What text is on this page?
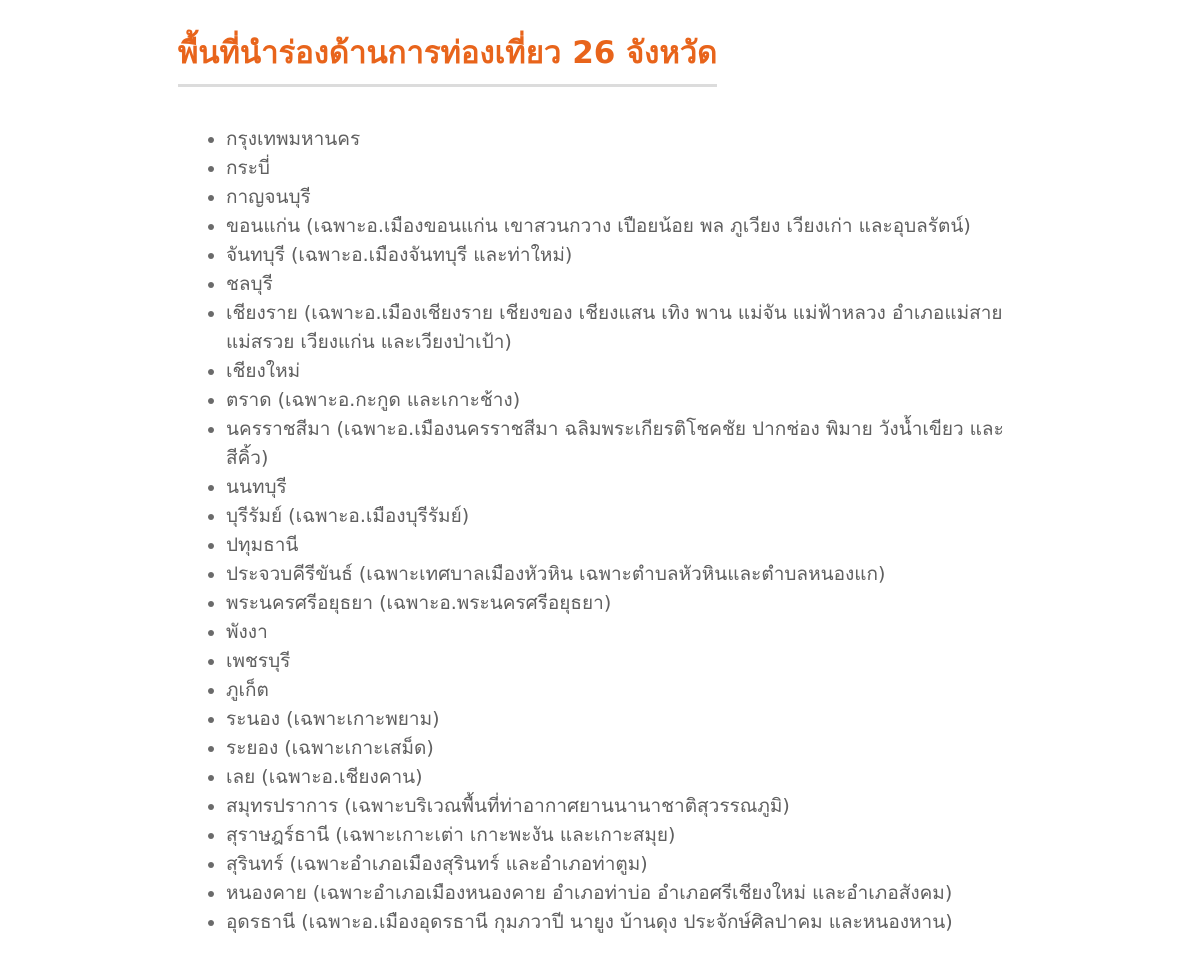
พื้นที่นำร่องด้านการท่องเที่ยว 26 จังหวัด
กรุงเทพมหานคร
กระบี่
กาญจนบุรี
ขอนแก่น (เฉพาะอ.เมืองขอนแก่น เขาสวนกวาง เปือยน้อย พล ภูเวียง เวียงเก่า และอุบลรัตน์)
จันทบุรี (เฉพาะอ.เมืองจันทบุรี และท่าใหม่)
ชลบุรี
เชียงราย (เฉพาะอ.เมืองเชียงราย เชียงของ เชียงแสน เทิง พาน แม่จัน แม่ฟ้าหลวง อำเภอแม่สาย แม่สรวย เวียงแก่น และเวียงป่าเป้า)
เชียงใหม่
ตราด (เฉพาะอ.กะกูด และเกาะช้าง)
นครราชสีมา (เฉพาะอ.เมืองนครราชสีมา ฉลิมพระเกียรติโชคชัย ปากช่อง พิมาย วังน้ำเขียว และสีคิ้ว)
นนทบุรี
บุรีรัมย์ (เฉพาะอ.เมืองบุรีรัมย์)
ปทุมธานี
ประจวบคีรีขันธ์ (เฉพาะเทศบาลเมืองหัวหิน เฉพาะตำบลหัวหินและตำบลหนองแก)
พระนครศรีอยุธยา (เฉพาะอ.พระนครศรีอยุธยา)
พังงา
เพชรบุรี
ภูเก็ต
ระนอง (เฉพาะเกาะพยาม)
ระยอง (เฉพาะเกาะเสม็ด)
เลย (เฉพาะอ.เชียงคาน)
สมุทรปราการ (เฉพาะบริเวณพื้นที่ท่าอากาศยานนานาชาติสุวรรณภูมิ)
สุราษฎร์ธานี (เฉพาะเกาะเต่า เกาะพะงัน และเกาะสมุย)
สุรินทร์ (เฉพาะอำเภอเมืองสุรินทร์ และอำเภอท่าตูม)
หนองคาย (เฉพาะอำเภอเมืองหนองคาย อำเภอท่าบ่อ อำเภอศรีเชียงใหม่ และอำเภอสังคม)
อุดรธานี (เฉพาะอ.เมืองอุดรธานี กุมภวาปี นายูง บ้านดุง ประจักษ์ศิลปาคม และหนองหาน)
